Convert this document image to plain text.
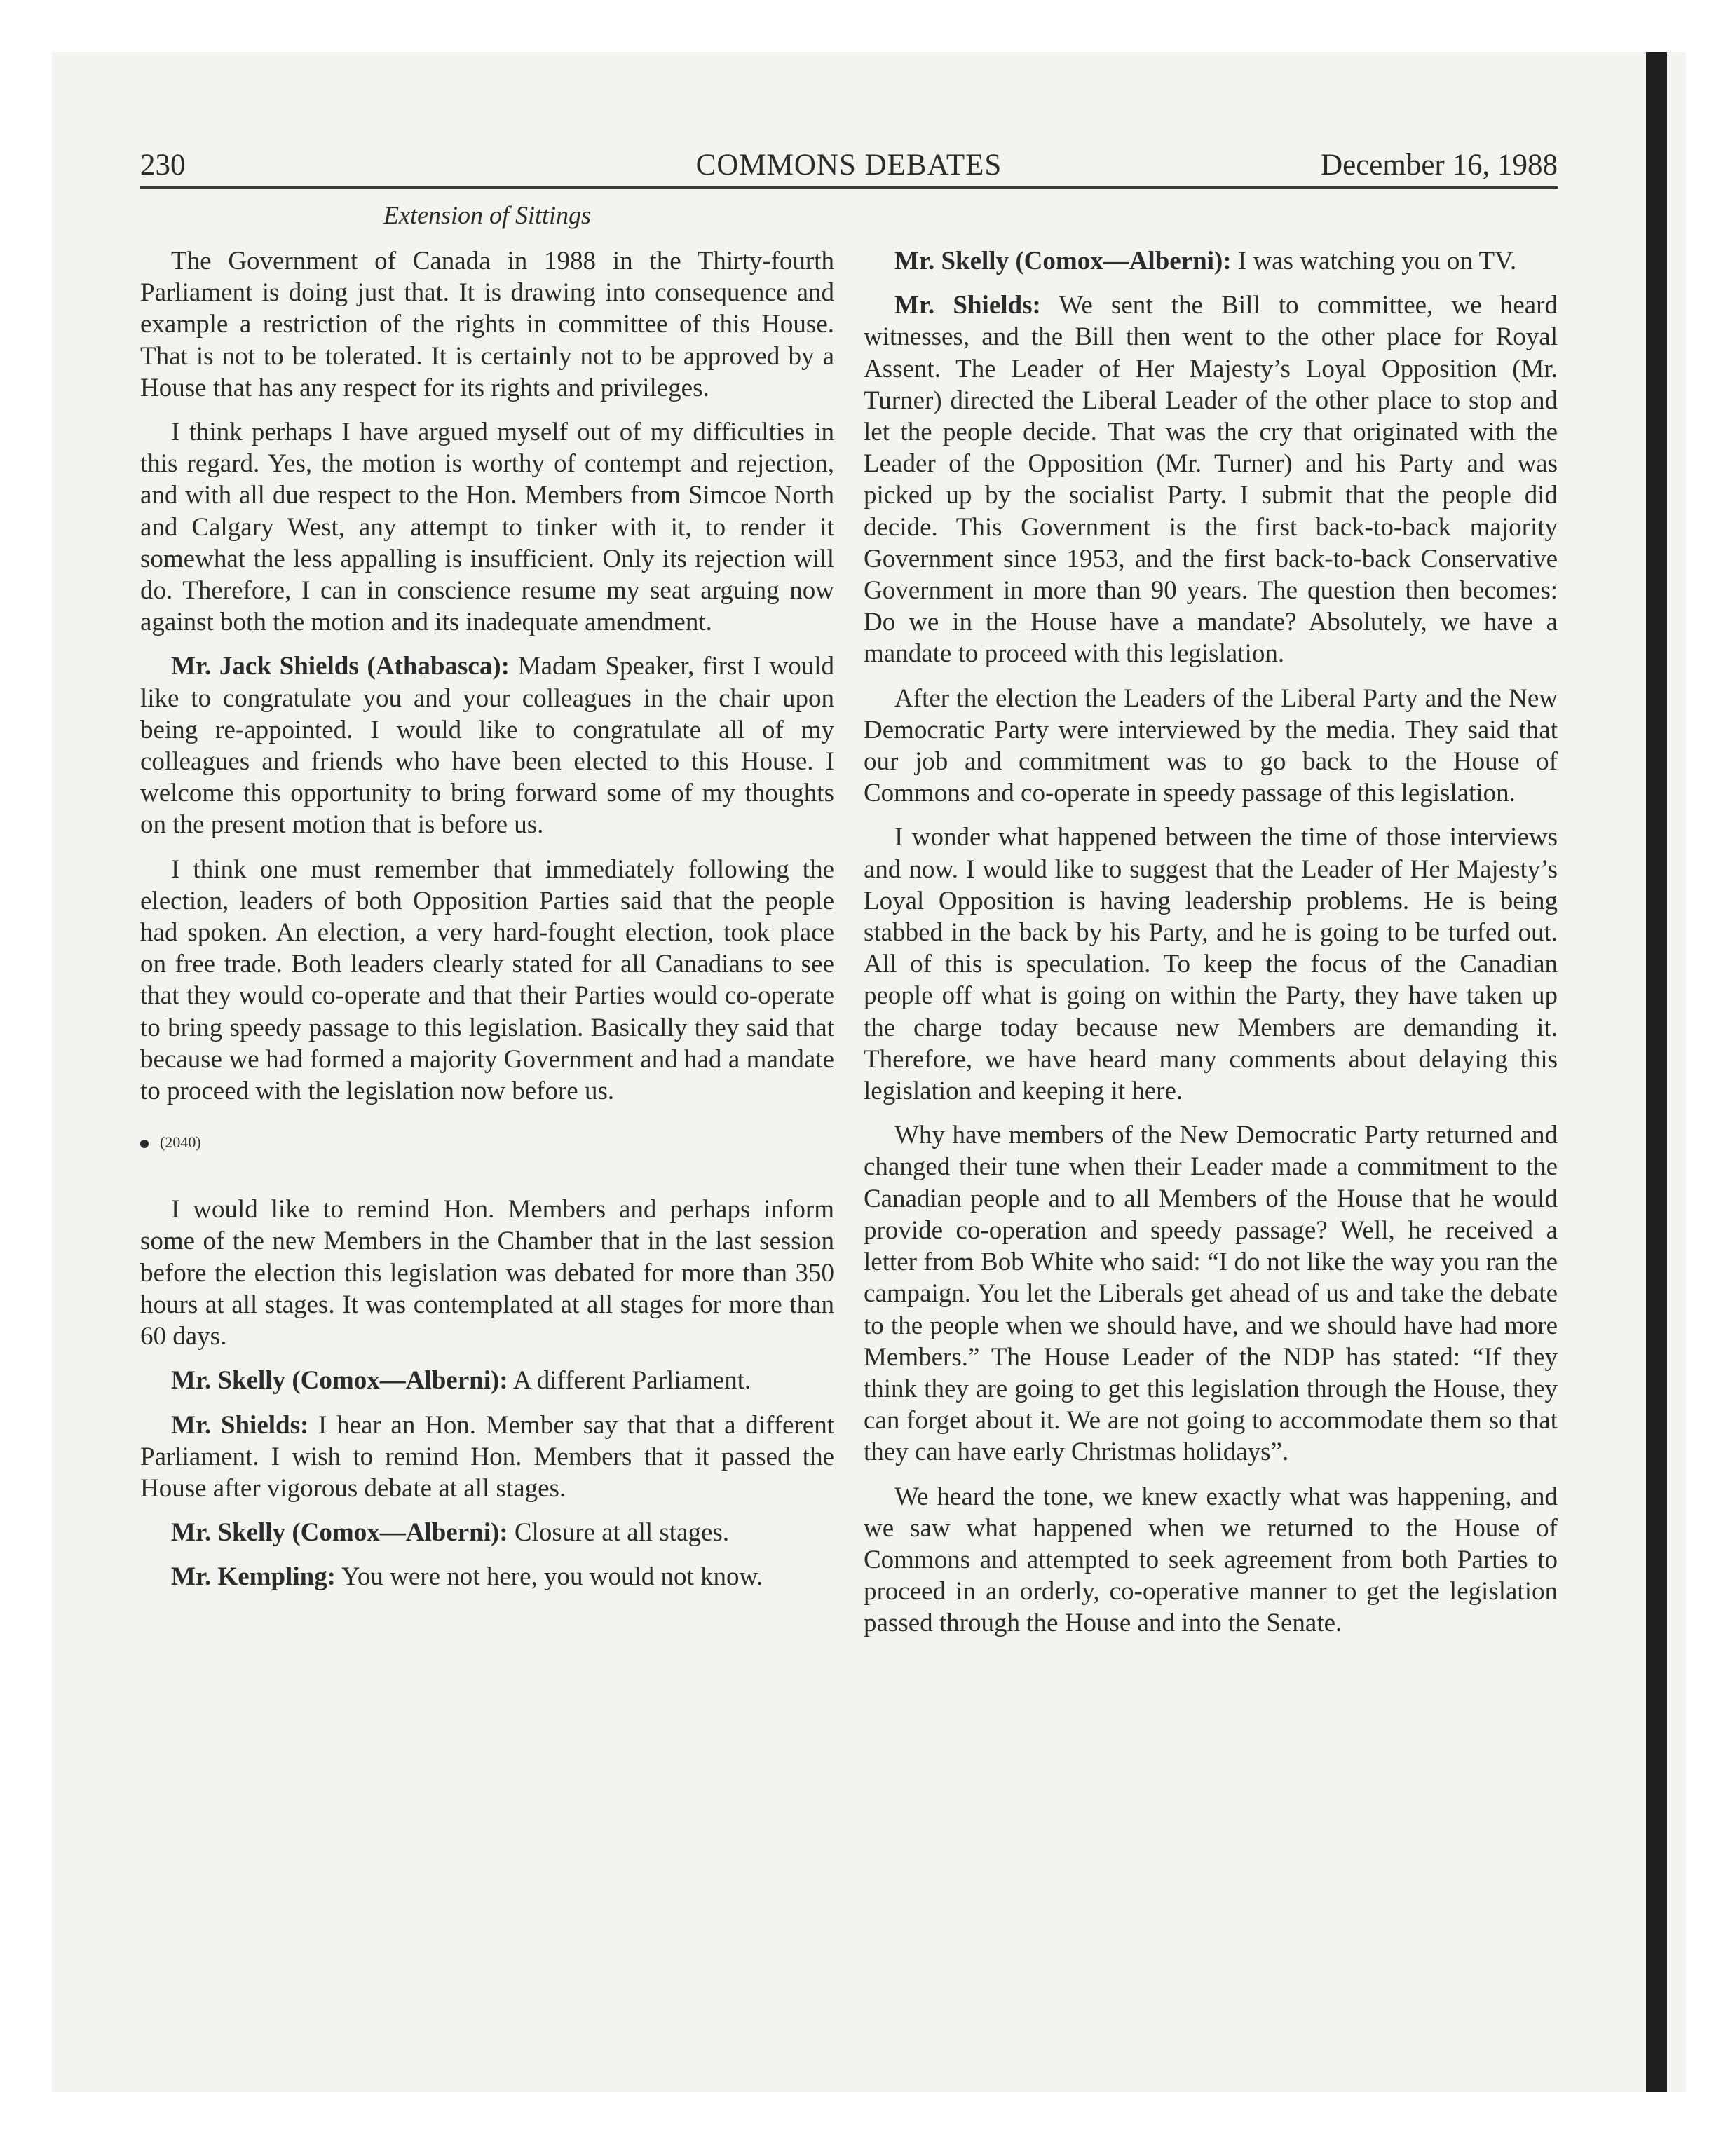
230	COMMONS DEBATES	December 16, 1988
Extension of Sittings

The Government of Canada in 1988 in the Thirty-fourth Parliament is doing just that. It is drawing into consequence and example a restriction of the rights in committee of this House. That is not to be tolerated. It is certainly not to be approved by a House that has any respect for its rights and privileges.

I think perhaps I have argued myself out of my difficulties in this regard. Yes, the motion is worthy of contempt and rejection, and with all due respect to the Hon. Members from Simcoe North and Calgary West, any attempt to tinker with it, to render it somewhat the less appalling is insufficient. Only its rejection will do. Therefore, I can in conscience resume my seat arguing now against both the motion and its inadequate amendment.

Mr. Jack Shields (Athabasca): Madam Speaker, first I would like to congratulate you and your colleagues in the chair upon being re-appointed. I would like to congratulate all of my colleagues and friends who have been elected to this House. I welcome this opportunity to bring forward some of my thoughts on the present motion that is before us.

I think one must remember that immediately following the election, leaders of both Opposition Parties said that the people had spoken. An election, a very hard-fought election, took place on free trade. Both leaders clearly stated for all Canadians to see that they would co-operate and that their Parties would co-operate to bring speedy passage to this legislation. Basically they said that because we had formed a majority Government and had a mandate to proceed with the legislation now before us.

(2040)

I would like to remind Hon. Members and perhaps inform some of the new Members in the Chamber that in the last session before the election this legislation was debated for more than 350 hours at all stages. It was contemplated at all stages for more than 60 days.

Mr. Skelly (Comox—Alberni): A different Parliament.

Mr. Shields: I hear an Hon. Member say that that a different Parliament. I wish to remind Hon. Members that it passed the House after vigorous debate at all stages.

Mr. Skelly (Comox—Alberni): Closure at all stages.

Mr. Kempling: You were not here, you would not know.

Mr. Skelly (Comox—Alberni): I was watching you on TV.

Mr. Shields: We sent the Bill to committee, we heard witnesses, and the Bill then went to the other place for Royal Assent. The Leader of Her Majesty’s Loyal Opposition (Mr. Turner) directed the Liberal Leader of the other place to stop and let the people decide. That was the cry that originated with the Leader of the Opposition (Mr. Turner) and his Party and was picked up by the socialist Party. I submit that the people did decide. This Government is the first back-to-back majority Government since 1953, and the first back-to-back Conservative Government in more than 90 years. The question then becomes: Do we in the House have a mandate? Absolutely, we have a mandate to proceed with this legislation.

After the election the Leaders of the Liberal Party and the New Democratic Party were interviewed by the media. They said that our job and commitment was to go back to the House of Commons and co-operate in speedy passage of this legislation.

I wonder what happened between the time of those interviews and now. I would like to suggest that the Leader of Her Majesty’s Loyal Opposition is having leadership problems. He is being stabbed in the back by his Party, and he is going to be turfed out. All of this is speculation. To keep the focus of the Canadian people off what is going on within the Party, they have taken up the charge today because new Members are demanding it. Therefore, we have heard many comments about delaying this legislation and keeping it here.

Why have members of the New Democratic Party returned and changed their tune when their Leader made a commitment to the Canadian people and to all Members of the House that he would provide co-operation and speedy passage? Well, he received a letter from Bob White who said: “I do not like the way you ran the campaign. You let the Liberals get ahead of us and take the debate to the people when we should have, and we should have had more Members.” The House Leader of the NDP has stated: “If they think they are going to get this legislation through the House, they can forget about it. We are not going to accommodate them so that they can have early Christmas holidays”.

We heard the tone, we knew exactly what was happening, and we saw what happened when we returned to the House of Commons and attempted to seek agreement from both Parties to proceed in an orderly, co-operative manner to get the legislation passed through the House and into the Senate.
